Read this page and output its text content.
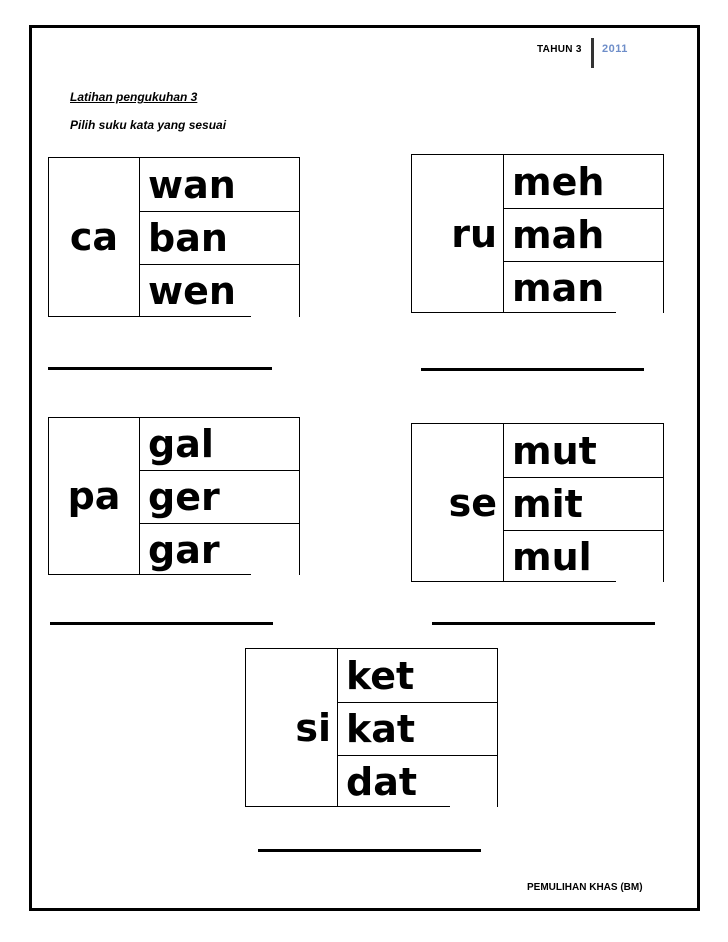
TAHUN 3 2011
Latihan pengukuhan 3
Pilih suku kata yang sesuai
ca
wan
ban
wen
ru
meh
mah
man
pa
gal
ger
gar
se
mut
mit
mul
si
ket
kat
dat
PEMULIHAN KHAS (BM)
